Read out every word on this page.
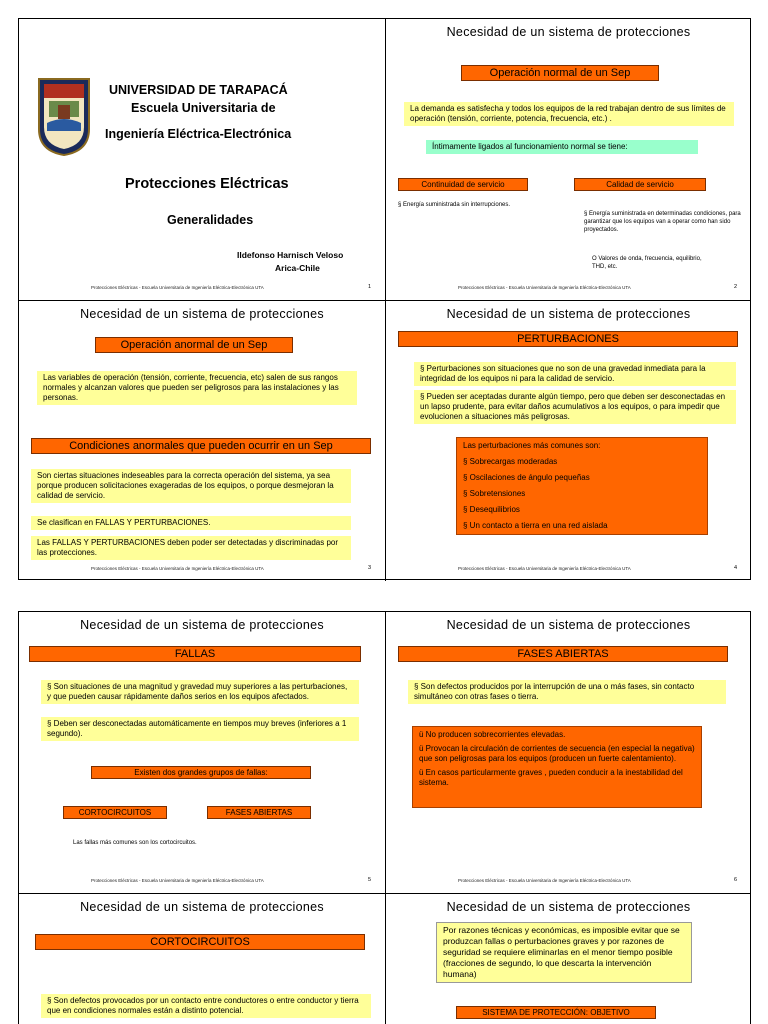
UNIVERSIDAD DE TARAPACÁ
Escuela Universitaria de
Ingeniería Eléctrica-Electrónica
Protecciones Eléctricas
Generalidades
Ildefonso Harnisch Veloso
Arica-Chile
Protecciones Eléctricas - Escuela Universitaria de Ingeniería Eléctrica-Electrónica UTA	1
Necesidad de un sistema de protecciones
Operación normal de un Sep
La demanda es satisfecha y todos los equipos de la red trabajan dentro de sus límites de operación (tensión, corriente, potencia, frecuencia, etc.) .
Íntimamente ligados al funcionamiento normal se tiene:
Continuidad de servicio	Calidad de servicio
§ Energía suministrada sin interrupciones.
§ Energía suministrada en determinadas condiciones, para garantizar que los equipos van a operar como han sido proyectados.
O Valores de onda, frecuencia, equilibrio, THD, etc.
Protecciones Eléctricas - Escuela Universitaria de Ingeniería Eléctrica-Electrónica UTA	2
Necesidad de un sistema de protecciones
Operación anormal de un Sep
Las variables de operación (tensión, corriente, frecuencia, etc) salen de sus rangos normales y alcanzan valores que pueden ser peligrosos para las instalaciones y las personas.
Condiciones anormales que pueden ocurrir en un Sep
Son ciertas situaciones indeseables para la correcta operación del sistema, ya sea porque producen solicitaciones exageradas de los equipos, o porque desmejoran la calidad de servicio.
Se clasifican en FALLAS Y PERTURBACIONES.
Las FALLAS Y PERTURBACIONES deben poder ser detectadas y discriminadas por las protecciones.
Protecciones Eléctricas - Escuela Universitaria de Ingeniería Eléctrica-Electrónica UTA	3
Necesidad de un sistema de protecciones
PERTURBACIONES
§ Perturbaciones son situaciones que no son de una gravedad inmediata para la integridad de los equipos ni para la calidad de servicio.
§ Pueden ser aceptadas durante algún tiempo, pero que deben ser desconectadas en un lapso prudente, para evitar daños acumulativos a los equipos, o para impedir que evolucionen a situaciones más peligrosas.
Las perturbaciones más comunes son:
§ Sobrecargas moderadas
§ Oscilaciones de ángulo pequeñas
§ Sobretensiones
§ Desequilibrios
§ Un contacto a tierra en una red aislada
Protecciones Eléctricas - Escuela Universitaria de Ingeniería Eléctrica-Electrónica UTA	4
Necesidad de un sistema de protecciones
FALLAS
§ Son situaciones de una magnitud y gravedad muy superiores a las perturbaciones, y que pueden causar rápidamente daños serios en los equipos afectados.
§ Deben ser desconectadas automáticamente en tiempos muy breves (inferiores a 1 segundo).
Existen dos grandes grupos de fallas:
CORTOCIRCUITOS	FASES ABIERTAS
Las fallas más comunes son los cortocircuitos.
Protecciones Eléctricas - Escuela Universitaria de Ingeniería Eléctrica-Electrónica UTA	5
Necesidad de un sistema de protecciones
FASES ABIERTAS
§ Son defectos producidos por la interrupción de una o más fases, sin contacto simultáneo con otras fases o tierra.
ü No producen sobrecorrientes elevadas.
ü Provocan la circulación de corrientes de secuencia (en especial la negativa) que son peligrosas para los equipos (producen un fuerte calentamiento).
ü En casos particularmente graves , pueden conducir a la inestabilidad del sistema.
Protecciones Eléctricas - Escuela Universitaria de Ingeniería Eléctrica-Electrónica UTA	6
Necesidad de un sistema de protecciones
CORTOCIRCUITOS
§ Son defectos provocados por un contacto entre conductores o entre conductor y tierra que en condiciones normales están a distinto potencial.
Necesidad de un sistema de protecciones
Por razones técnicas y económicas, es imposible evitar que se produzcan fallas o perturbaciones graves y por razones de seguridad se requiere eliminarlas en el menor tiempo posible (fracciones de segundo, lo que descarta la intervención humana)
SISTEMA DE PROTECCIÓN: OBJETIVO
